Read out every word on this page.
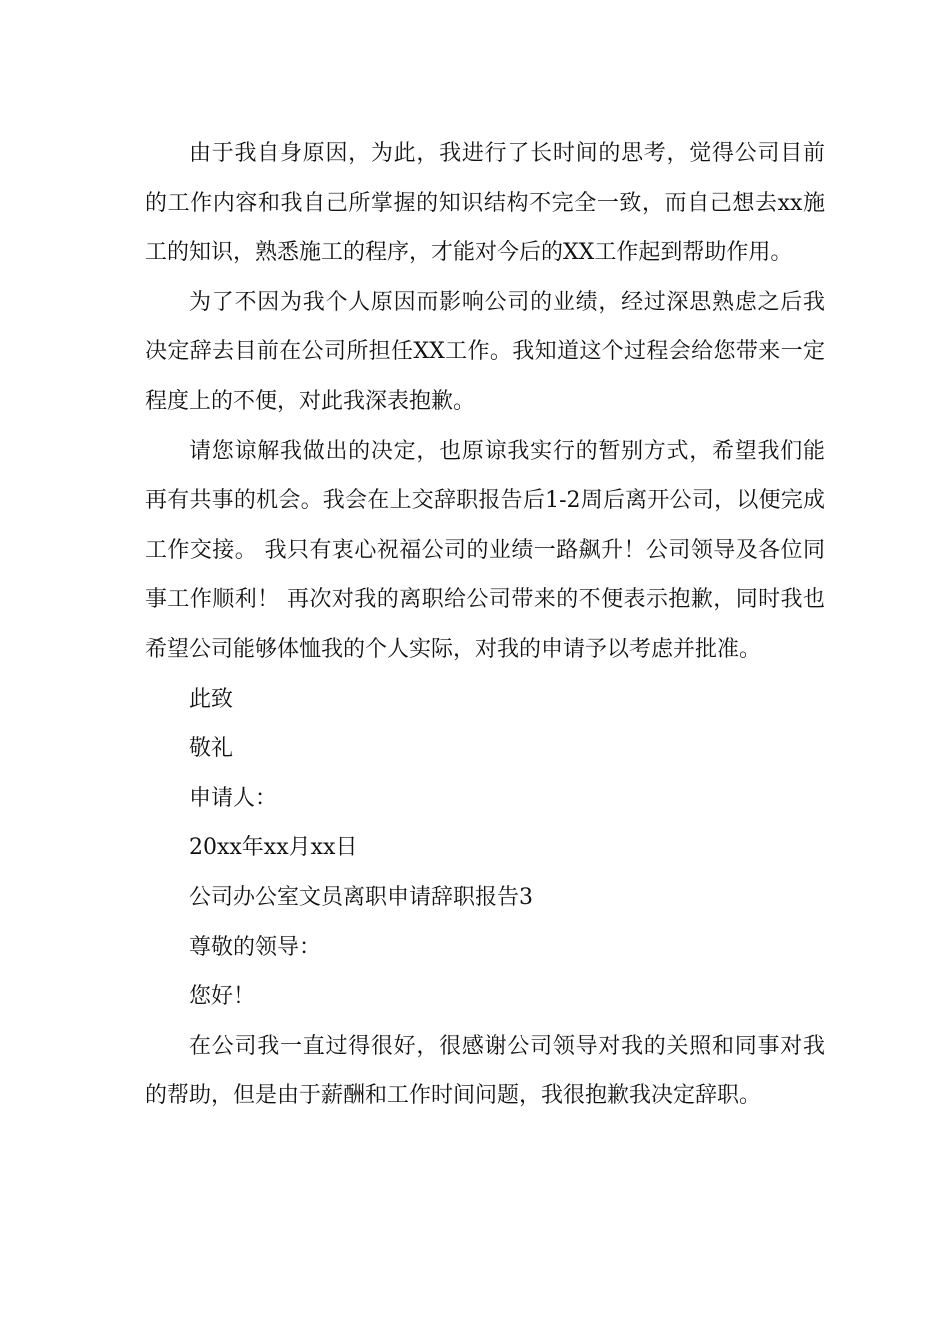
由于我自身原因，为此，我进行了长时间的思考，觉得公司目前的工作内容和我自己所掌握的知识结构不完全一致，而自己想去xx施工的知识，熟悉施工的程序，才能对今后的XX工作起到帮助作用。

为了不因为我个人原因而影响公司的业绩，经过深思熟虑之后我决定辞去目前在公司所担任XX工作。我知道这个过程会给您带来一定程度上的不便，对此我深表抱歉。

请您谅解我做出的决定，也原谅我实行的暂别方式，希望我们能再有共事的机会。我会在上交辞职报告后1-2周后离开公司，以便完成工作交接。 我只有衷心祝福公司的业绩一路飙升！公司领导及各位同事工作顺利！ 再次对我的离职给公司带来的不便表示抱歉，同时我也希望公司能够体恤我的个人实际，对我的申请予以考虑并批准。

此致

敬礼

申请人：

20xx年xx月xx日

公司办公室文员离职申请辞职报告3

尊敬的领导：

您好！

在公司我一直过得很好，很感谢公司领导对我的关照和同事对我的帮助，但是由于薪酬和工作时间问题，我很抱歉我决定辞职。
